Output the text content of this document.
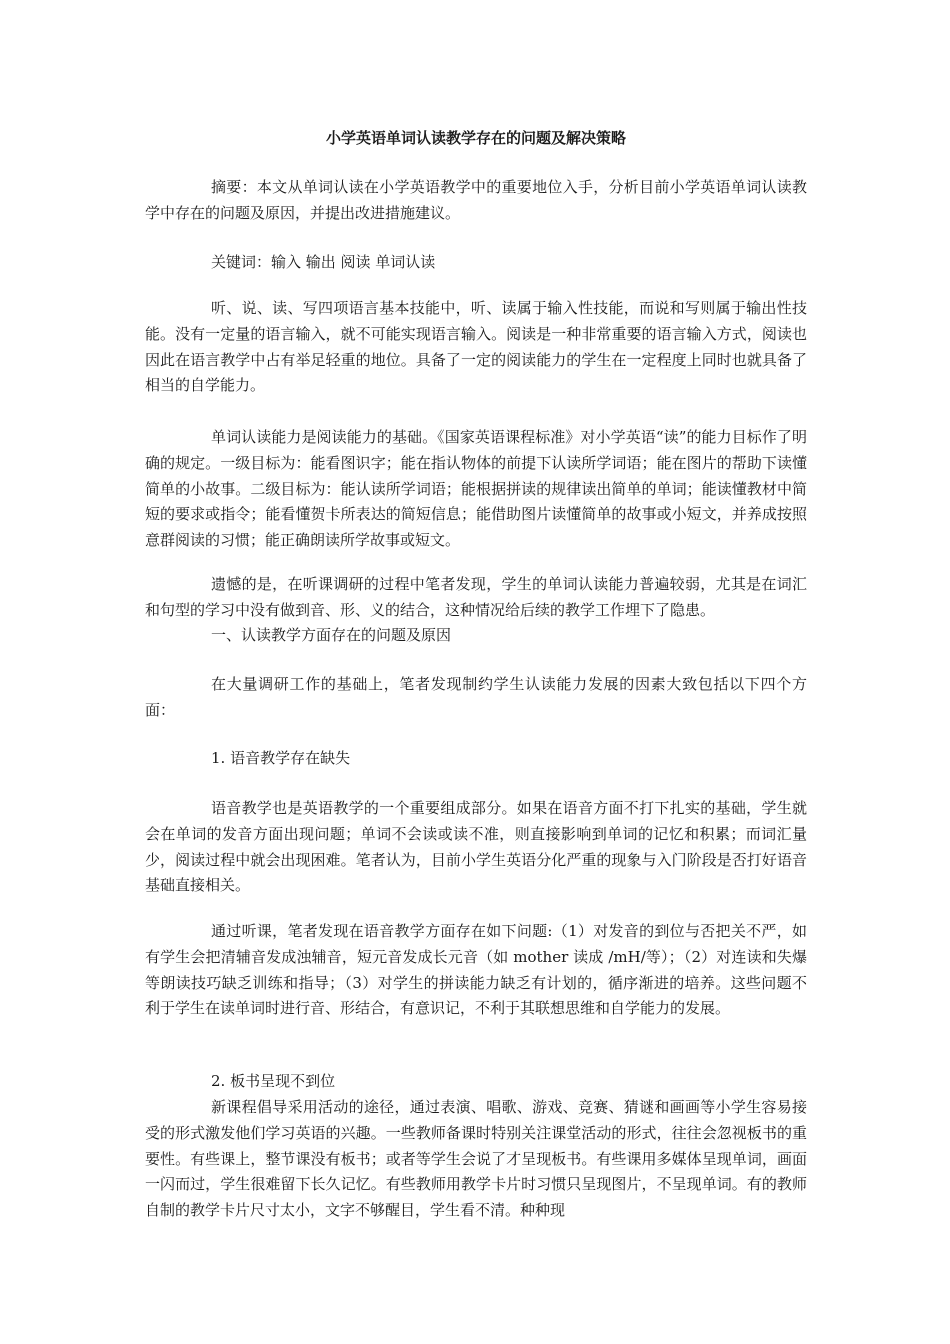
小学英语单词认读教学存在的问题及解决策略

摘要：本文从单词认读在小学英语教学中的重要地位入手，分析目前小学英语单词认读教学中存在的问题及原因，并提出改进措施建议。

关键词：输入 输出 阅读 单词认读

听、说、读、写四项语言基本技能中，听、读属于输入性技能，而说和写则属于输出性技能。没有一定量的语言输入，就不可能实现语言输入。阅读是一种非常重要的语言输入方式，阅读也因此在语言教学中占有举足轻重的地位。具备了一定的阅读能力的学生在一定程度上同时也就具备了相当的自学能力。

单词认读能力是阅读能力的基础。《国家英语课程标准》对小学英语“读”的能力目标作了明确的规定。一级目标为：能看图识字；能在指认物体的前提下认读所学词语；能在图片的帮助下读懂简单的小故事。二级目标为：能认读所学词语；能根据拼读的规律读出简单的单词；能读懂教材中简短的要求或指令；能看懂贺卡所表达的简短信息；能借助图片读懂简单的故事或小短文，并养成按照意群阅读的习惯；能正确朗读所学故事或短文。

遗憾的是，在听课调研的过程中笔者发现，学生的单词认读能力普遍较弱，尤其是在词汇和句型的学习中没有做到音、形、义的结合，这种情况给后续的教学工作埋下了隐患。

一、认读教学方面存在的问题及原因

在大量调研工作的基础上，笔者发现制约学生认读能力发展的因素大致包括以下四个方面：

1. 语音教学存在缺失

语音教学也是英语教学的一个重要组成部分。如果在语音方面不打下扎实的基础，学生就会在单词的发音方面出现问题；单词不会读或读不准，则直接影响到单词的记忆和积累；而词汇量少，阅读过程中就会出现困难。笔者认为，目前小学生英语分化严重的现象与入门阶段是否打好语音基础直接相关。

通过听课，笔者发现在语音教学方面存在如下问题:（1）对发音的到位与否把关不严，如有学生会把清辅音发成浊辅音，短元音发成长元音（如 mother 读成 /mH/等）；（2）对连读和失爆等朗读技巧缺乏训练和指导；（3）对学生的拼读能力缺乏有计划的，循序渐进的培养。这些问题不利于学生在读单词时进行音、形结合，有意识记，不利于其联想思维和自学能力的发展。

2. 板书呈现不到位

新课程倡导采用活动的途径，通过表演、唱歌、游戏、竞赛、猜谜和画画等小学生容易接受的形式激发他们学习英语的兴趣。一些教师备课时特别关注课堂活动的形式，往往会忽视板书的重要性。有些课上，整节课没有板书；或者等学生会说了才呈现板书。有些课用多媒体呈现单词，画面一闪而过，学生很难留下长久记忆。有些教师用教学卡片时习惯只呈现图片，不呈现单词。有的教师自制的教学卡片尺寸太小，文字不够醒目，学生看不清。种种现
